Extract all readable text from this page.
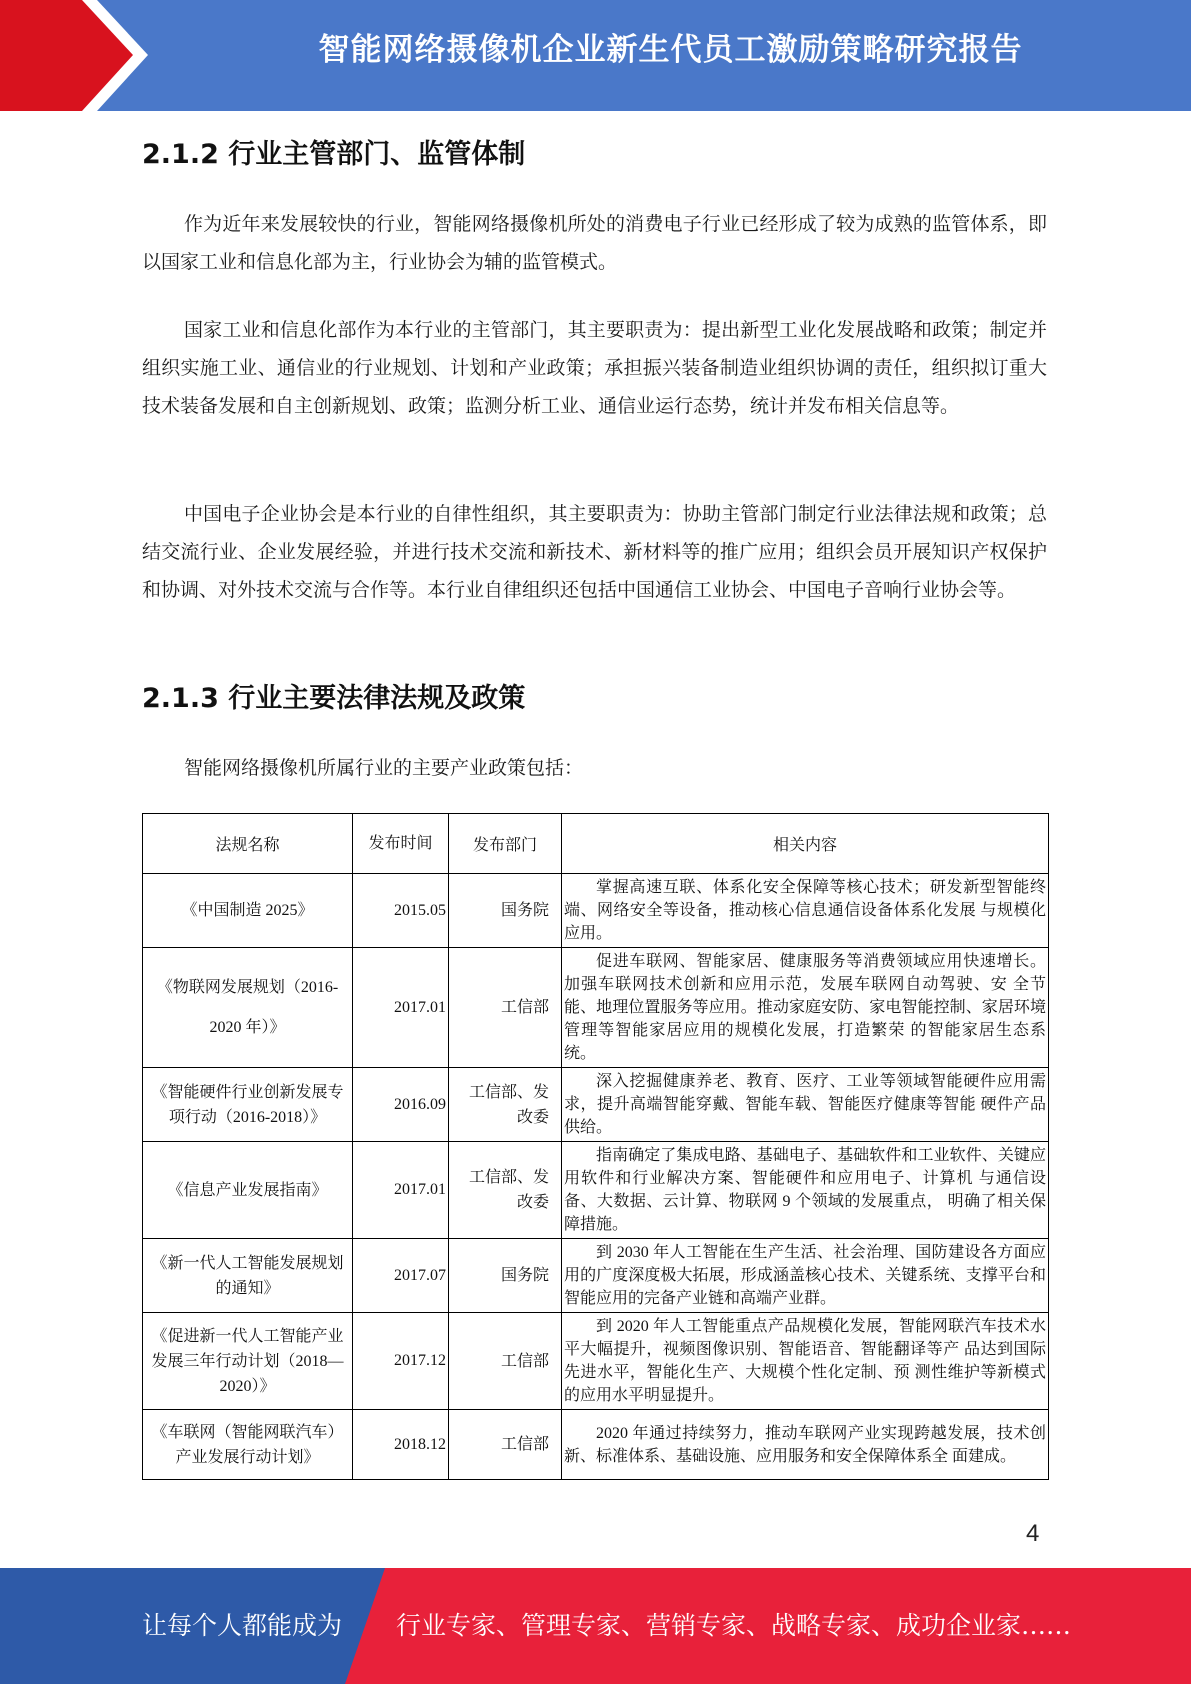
智能网络摄像机企业新生代员工激励策略研究报告
2.1.2 行业主管部门、监管体制

作为近年来发展较快的行业，智能网络摄像机所处的消费电子行业已经形成了较为成熟的监管体系，即以国家工业和信息化部为主，行业协会为辅的监管模式。

国家工业和信息化部作为本行业的主管部门，其主要职责为：提出新型工业化发展战略和政策；制定并组织实施工业、通信业的行业规划、计划和产业政策；承担振兴装备制造业组织协调的责任，组织拟订重大技术装备发展和自主创新规划、政策；监测分析工业、通信业运行态势，统计并发布相关信息等。

中国电子企业协会是本行业的自律性组织，其主要职责为：协助主管部门制定行业法律法规和政策；总结交流行业、企业发展经验，并进行技术交流和新技术、新材料等的推广应用；组织会员开展知识产权保护和协调、对外技术交流与合作等。本行业自律组织还包括中国通信工业协会、中国电子音响行业协会等。

2.1.3 行业主要法律法规及政策

智能网络摄像机所属行业的主要产业政策包括：

法规名称	发布时间	发布部门	相关内容
《中国制造 2025》	2015.05	国务院	掌握高速互联、体系化安全保障等核心技术；研发新型智能终端、网络安全等设备，推动核心信息通信设备体系化发展 与规模化应用。
《物联网发展规划（2016-2020 年）》	2017.01	工信部	促进车联网、智能家居、健康服务等消费领域应用快速增长。 加强车联网技术创新和应用示范，发展车联网自动驾驶、安 全节能、地理位置服务等应用。推动家庭安防、家电智能控制、家居环境管理等智能家居应用的规模化发展，打造繁荣 的智能家居生态系统。
《智能硬件行业创新发展专项行动（2016-2018）》	2016.09	工信部、发 改委	深入挖掘健康养老、教育、医疗、工业等领域智能硬件应用需求，提升高端智能穿戴、智能车载、智能医疗健康等智能 硬件产品供给。
《信息产业发展指南》	2017.01	工信部、发 改委	指南确定了集成电路、基础电子、基础软件和工业软件、关键应用软件和行业解决方案、智能硬件和应用电子、计算机 与通信设备、大数据、云计算、物联网 9 个领域的发展重点， 明确了相关保障措施。
《新一代人工智能发展规划的通知》	2017.07	国务院	到 2030 年人工智能在生产生活、社会治理、国防建设各方面应用的广度深度极大拓展，形成涵盖核心技术、关键系统、支撑平台和智能应用的完备产业链和高端产业群。
《促进新一代人工智能产业发展三年行动计划（2018—2020）》	2017.12	工信部	到 2020 年人工智能重点产品规模化发展，智能网联汽车技术水平大幅提升，视频图像识别、智能语音、智能翻译等产 品达到国际先进水平，智能化生产、大规模个性化定制、预 测性维护等新模式的应用水平明显提升。
《车联网（智能网联汽车）产业发展行动计划》	2018.12	工信部	2020 年通过持续努力，推动车联网产业实现跨越发展，技术创新、标准体系、基础设施、应用服务和安全保障体系全 面建成。
4
让每个人都能成为 行业专家、管理专家、营销专家、战略专家、成功企业家……
